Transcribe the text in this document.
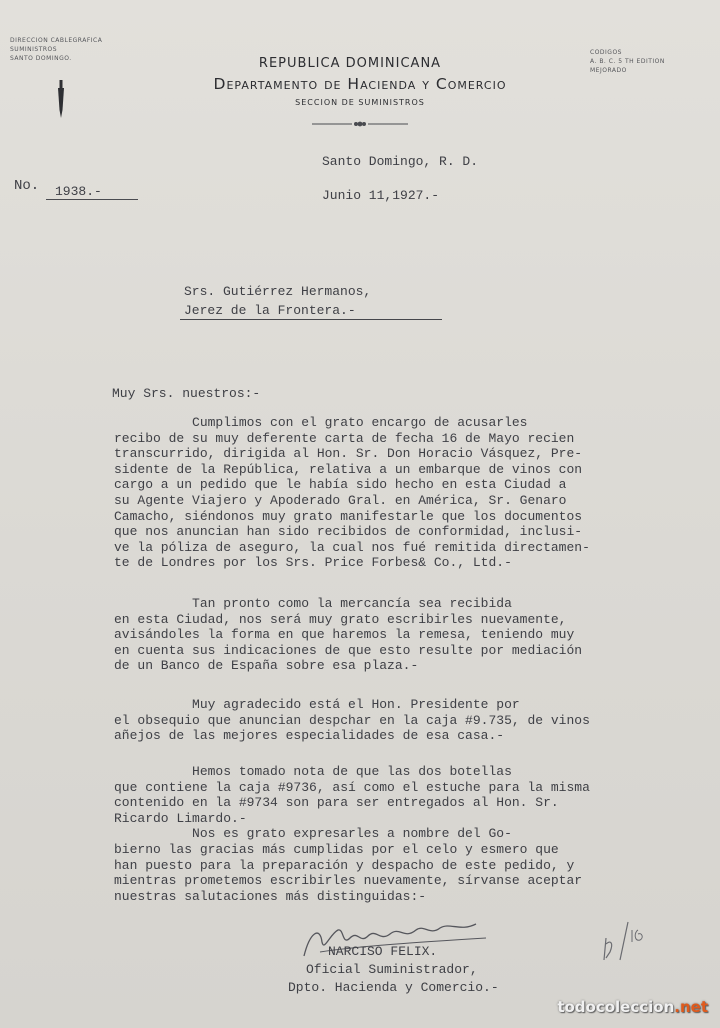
DIRECCION CABLEGRAFICA
SUMINISTROS
SANTO DOMINGO.
CODIGOS
A. B. C. 5 TH EDITION
MEJORADO
REPUBLICA DOMINICANA
Departamento de Hacienda y Comercio
SECCION DE SUMINISTROS
No. 1938.-
Santo Domingo, R. D.
Junio 11,1927.-
Srs. Gutiérrez Hermanos,
Jerez de la Frontera.-
Muy Srs. nuestros:-

Cumplimos con el grato encargo de acusarles

recibo de su muy deferente carta de fecha 16 de Mayo recien

transcurrido, dirigida al Hon. Sr. Don Horacio Vásquez, Pre-

sidente de la República, relativa a un embarque de vinos con

cargo a un pedido que le había sido hecho en esta Ciudad a

su Agente Viajero y Apoderado Gral. en América, Sr. Genaro

Camacho, siéndonos muy grato manifestarle que los documentos

que nos anuncian han sido recibidos de conformidad, inclusi-

ve la póliza de aseguro, la cual nos fué remitida directamen-

te de Londres por los Srs. Price Forbes& Co., Ltd.-

Tan pronto como la mercancía sea recibida

en esta Ciudad, nos será muy grato escribirles nuevamente,

avisándoles la forma en que haremos la remesa, teniendo muy

en cuenta sus indicaciones de que esto resulte por mediación

de un Banco de España sobre esa plaza.-

Muy agradecido está el Hon. Presidente por

el obsequio que anuncian despchar en la caja #9.735, de vinos

añejos de las mejores especialidades de esa casa.-

Hemos tomado nota de que las dos botellas

que contiene la caja #9736, así como el estuche para la misma

contenido en la #9734 son para ser entregados al Hon. Sr.

Ricardo Limardo.-

Nos es grato expresarles a nombre del Go-

bierno las gracias más cumplidas por el celo y esmero que

han puesto para la preparación y despacho de este pedido, y

mientras prometemos escribirles nuevamente, sírvanse aceptar

nuestras salutaciones más distinguidas:-

NARCISO FELIX.
Oficial Suministrador,
Dpto. Hacienda y Comercio.-
todocoleccion.net
